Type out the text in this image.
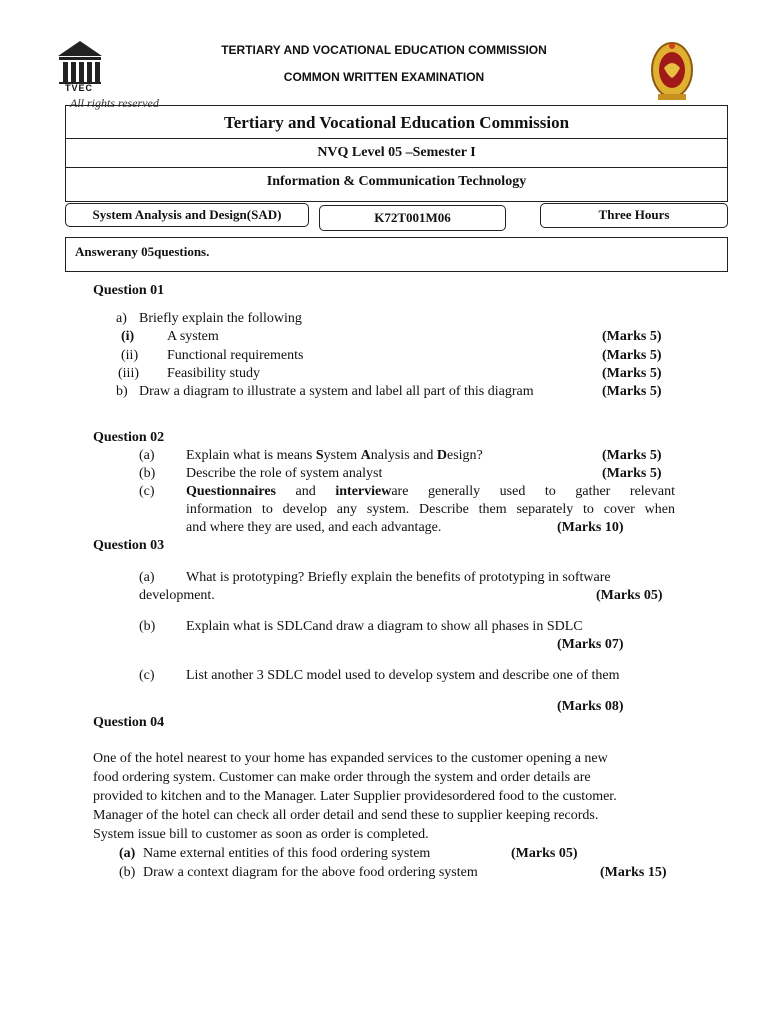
TVEC
TERTIARY AND VOCATIONAL EDUCATION COMMISSION
COMMON WRITTEN EXAMINATION
All rights reserved
Tertiary and Vocational Education Commission
NVQ Level 05 –Semester I
Information & Communication Technology
System Analysis and Design(SAD)	K72T001M06	Three Hours
Answerany 05questions.
Question 01
a) Briefly explain the following
(i) A system	(Marks 5)
(ii) Functional requirements	(Marks 5)
(iii) Feasibility study	(Marks 5)
b) Draw a diagram to illustrate a system and label all part of this diagram	(Marks 5)
Question 02
(a) Explain what is means System Analysis and Design?	(Marks 5)
(b) Describe the role of system analyst	(Marks 5)
(c) Questionnaires and intervieware generally used to gather relevant
information to develop any system. Describe them separately to cover when
and where they are used, and each advantage.	(Marks 10)
Question 03
(a) What is prototyping? Briefly explain the benefits of prototyping in software
development.	(Marks 05)
(b) Explain what is SDLCand draw a diagram to show all phases in SDLC
(Marks 07)
(c) List another 3 SDLC model used to develop system and describe one of them
(Marks 08)
Question 04
One of the hotel nearest to your home has expanded services to the customer opening a new
food ordering system. Customer can make order through the system and order details are
provided to kitchen and to the Manager. Later Supplier providesordered food to the customer.
Manager of the hotel can check all order detail and send these to supplier keeping records.
System issue bill to customer as soon as order is completed.
(a) Name external entities of this food ordering system	(Marks 05)
(b) Draw a context diagram for the above food ordering system	(Marks 15)
